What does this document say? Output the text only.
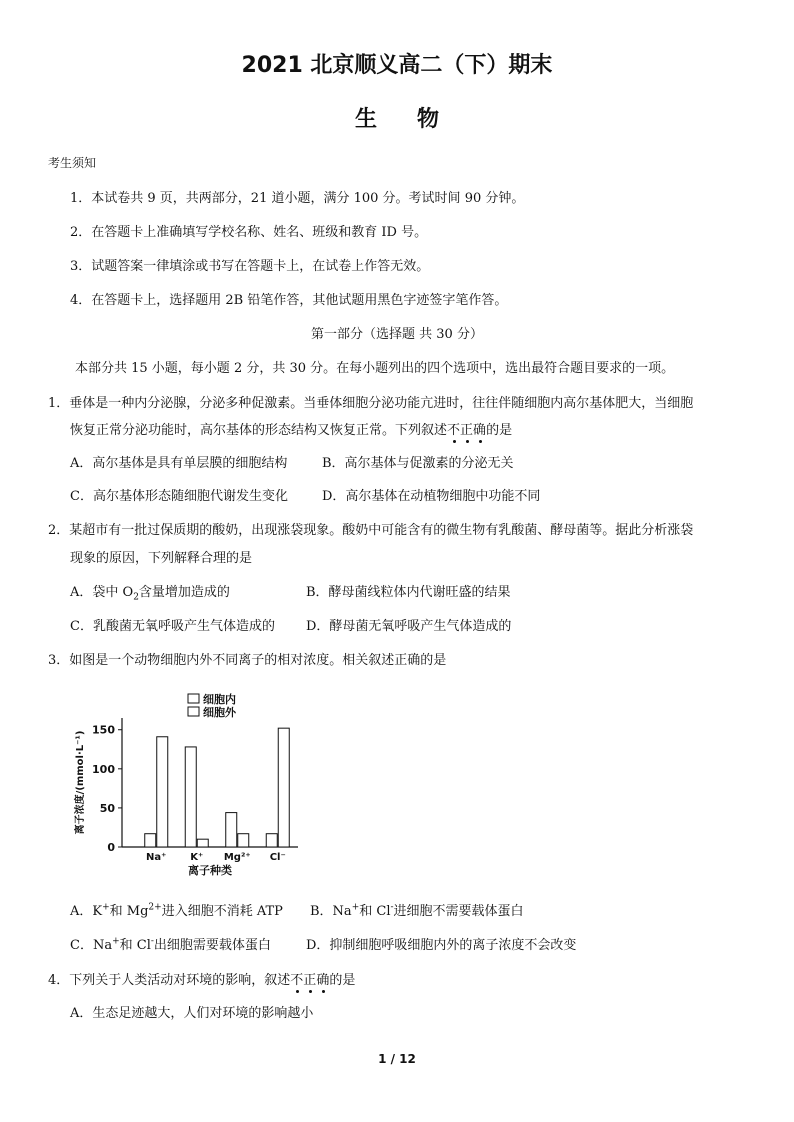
2021 北京顺义高二（下）期末
生物
考生须知
1．本试卷共 9 页，共两部分，21 道小题，满分 100 分。考试时间 90 分钟。
2．在答题卡上准确填写学校名称、姓名、班级和教育 ID 号。
3．试题答案一律填涂或书写在答题卡上，在试卷上作答无效。
4．在答题卡上，选择题用 2B 铅笔作答，其他试题用黑色字迹签字笔作答。
第一部分（选择题 共 30 分）
本部分共 15 小题，每小题 2 分，共 30 分。在每小题列出的四个选项中，选出最符合题目要求的一项。
1．垂体是一种内分泌腺，分泌多种促激素。当垂体细胞分泌功能亢进时，往往伴随细胞内高尔基体肥大，当细胞
恢复正常分泌功能时，高尔基体的形态结构又恢复正常。下列叙述不正确的是
A．高尔基体是具有单层膜的细胞结构	B．高尔基体与促激素的分泌无关
C．高尔基体形态随细胞代谢发生变化	D．高尔基体在动植物细胞中功能不同
2．某超市有一批过保质期的酸奶，出现涨袋现象。酸奶中可能含有的微生物有乳酸菌、酵母菌等。据此分析涨袋
现象的原因，下列解释合理的是
A．袋中 $O_2$含量增加造成的	B．酵母菌线粒体内代谢旺盛的结果
C．乳酸菌无氧呼吸产生气体造成的 D．酵母菌无氧呼吸产生气体造成的
3．如图是一个动物细胞内外不同离子的相对浓度。相关叙述正确的是
0
50
100
150
离子浓度/(mmol·L⁻¹)
Na⁺ K⁺ Mg²⁺ Cl⁻
离子种类
细胞内
细胞外
A．K+和 $Mg^{2+}$进入细胞不消耗 ATP B．Na+和 Cl-进细胞不需要载体蛋白
C．Na+和 Cl-出细胞需要载体蛋白	D．抑制细胞呼吸细胞内外的离子浓度不会改变
4．下列关于人类活动对环境的影响，叙述不正确的是
A．生态足迹越大，人们对环境的影响越小
1 / 12
